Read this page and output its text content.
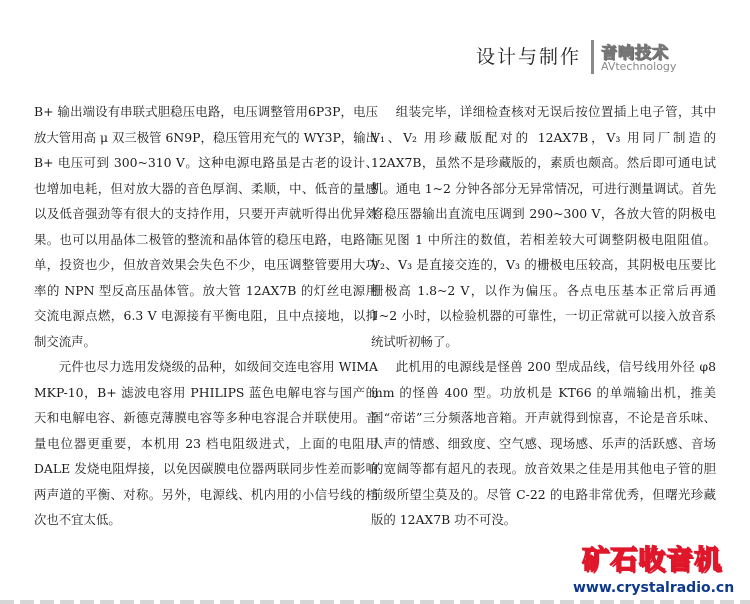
设计与制作 音响技术
AVtechnology

B+ 输出端设有串联式胆稳压电路，电压调整管用6P3P，电压放大管用高 μ 双三极管 6N9P，稳压管用充气的 WY3P，输出 B+ 电压可到 300~310 V。这种电源电路虽是古老的设计、也增加电耗，但对放大器的音色厚润、柔顺，中、低音的量感以及低音强劲等有很大的支持作用，只要开声就听得出优异效果。也可以用晶体二极管的整流和晶体管的稳压电路，电路简单，投资也少，但放音效果会失色不少，电压调整管要用大功率的 NPN 型反高压晶体管。放大管 12AX7B 的灯丝电源用交流电源点燃，6.3 V 电源接有平衡电阻，且中点接地，以抑制交流声。

元件也尽力选用发烧级的品种，如级间交连电容用 WIMA MKP-10，B+ 滤波电容用 PHILIPS 蓝色电解电容与国产的天和电解电容、新德克薄膜电容等多种电容混合并联使用。音量电位器更重要，本机用 23 档电阻级进式，上面的电阻用 DALE 发烧电阻焊接，以免因碳膜电位器两联同步性差而影响两声道的平衡、对称。另外，电源线、机内用的小信号线的档次也不宜太低。

组装完毕，详细检查核对无误后按位置插上电子管，其中 V₁、V₂ 用珍藏版配对的 12AX7B，V₃ 用同厂制造的 12AX7B，虽然不是珍藏版的，素质也颇高。然后即可通电试机。通电 1~2 分钟各部分无异常情况，可进行测量调试。首先将稳压器输出直流电压调到 290~300 V，各放大管的阴极电压见图 1 中所注的数值，若相差较大可调整阴极电阻阻值。V₂、V₃ 是直接交连的，V₃ 的栅极电压较高，其阴极电压要比栅极高 1.8~2 V，以作为偏压。各点电压基本正常后再通 1~2 小时，以检验机器的可靠性，一切正常就可以接入放音系统试听初畅了。

此机用的电源线是怪兽 200 型成品线，信号线用外径 φ8 mm 的怪兽 400 型。功放机是 KT66 的单端输出机，推美国“帝诺”三分频落地音箱。开声就得到惊喜，不论是音乐味、人声的情感、细致度、空气感、现场感、乐声的活跃感、音场的宽阔等都有超凡的表现。放音效果之佳是用其他电子管的胆前级所望尘莫及的。尽管 C-22 的电路非常优秀，但曙光珍藏版的 12AX7B 功不可没。

矿石收音机
www.crystalradio.cn
